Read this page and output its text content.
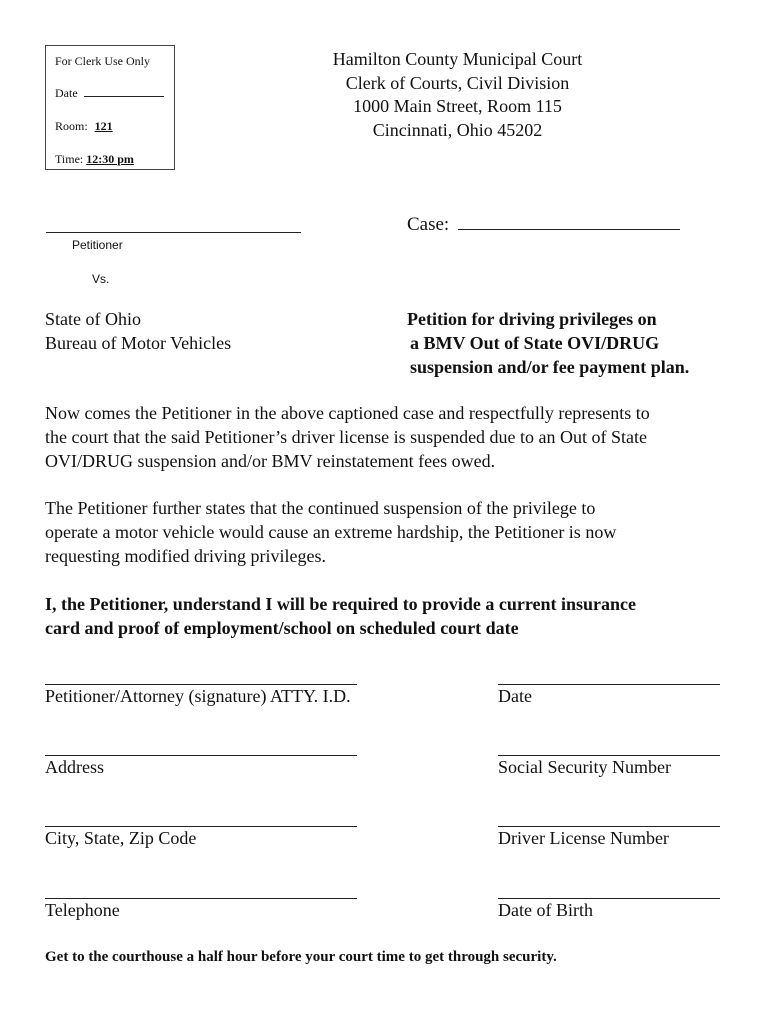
For Clerk Use Only
Date
Room: 121
Time: 12:30 pm
Hamilton County Municipal Court
Clerk of Courts, Civil Division
1000 Main Street, Room 115
Cincinnati, Ohio 45202
Petitioner
Vs.
Case:
State of Ohio
Bureau of Motor Vehicles
Petition for driving privileges on
a BMV Out of State OVI/DRUG
suspension and/or fee payment plan.
Now comes the Petitioner in the above captioned case and respectfully represents to
the court that the said Petitioner’s driver license is suspended due to an Out of State
OVI/DRUG suspension and/or BMV reinstatement fees owed.
The Petitioner further states that the continued suspension of the privilege to
operate a motor vehicle would cause an extreme hardship, the Petitioner is now
requesting modified driving privileges.
I, the Petitioner, understand I will be required to provide a current insurance
card and proof of employment/school on scheduled court date
Petitioner/Attorney (signature) ATTY. I.D.	Date
Address	Social Security Number
City, State, Zip Code	Driver License Number
Telephone	Date of Birth
Get to the courthouse a half hour before your court time to get through security.
